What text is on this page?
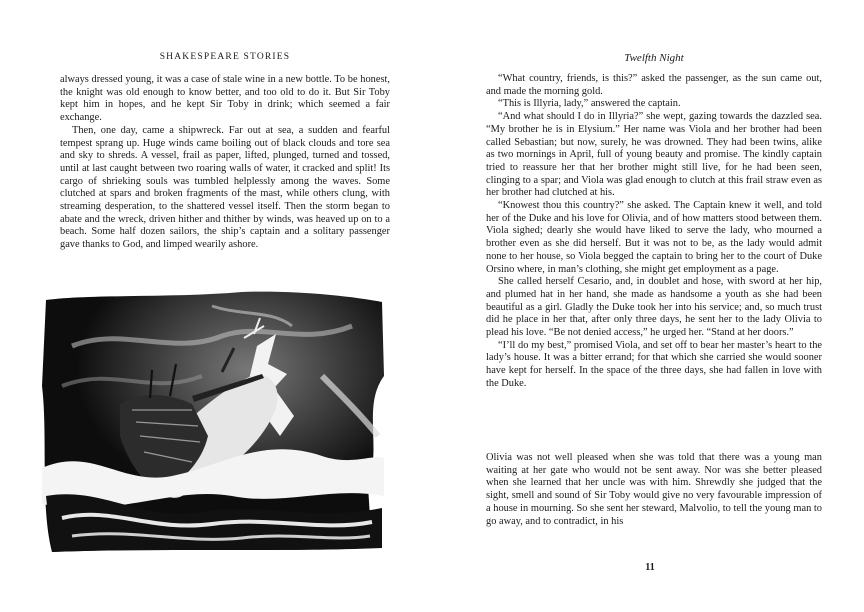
SHAKESPEARE STORIES

always dressed young, it was a case of stale wine in a new bottle. To be honest, the knight was old enough to know better, and too old to do it. But Sir Toby kept him in hopes, and he kept Sir Toby in drink; which seemed a fair exchange.

Then, one day, came a shipwreck. Far out at sea, a sudden and fearful tempest sprang up. Huge winds came boiling out of black clouds and tore sea and sky to shreds. A vessel, frail as paper, lifted, plunged, turned and tossed, until at last caught between two roaring walls of water, it cracked and split! Its cargo of shrieking souls was tumbled helplessly among the waves. Some clutched at spars and broken fragments of the mast, while others clung, with streaming desperation, to the shattered vessel itself. Then the storm began to abate and the wreck, driven hither and thither by winds, was heaved up on to a beach. Some half dozen sailors, the ship’s captain and a solitary passenger gave thanks to God, and limped wearily ashore.

Twelfth Night

“What country, friends, is this?” asked the passenger, as the sun came out, and made the morning gold.

“This is Illyria, lady,” answered the captain.

“And what should I do in Illyria?” she wept, gazing towards the dazzled sea. “My brother he is in Elysium.” Her name was Viola and her brother had been called Sebastian; but now, surely, he was drowned. They had been twins, alike as two mornings in April, full of young beauty and promise. The kindly captain tried to reassure her that her brother might still live, for he had been seen, clinging to a spar; and Viola was glad enough to clutch at this frail straw even as her brother had clutched at his.

“Knowest thou this country?” she asked. The Captain knew it well, and told her of the Duke and his love for Olivia, and of how matters stood between them. Viola sighed; dearly she would have liked to serve the lady, who mourned a brother even as she did herself. But it was not to be, as the lady would admit none to her house, so Viola begged the captain to bring her to the court of Duke Orsino where, in man’s clothing, she might get employment as a page.

She called herself Cesario, and, in doublet and hose, with sword at her hip, and plumed hat in her hand, she made as handsome a youth as she had been beautiful as a girl. Gladly the Duke took her into his service; and, so much trust did he place in her that, after only three days, he sent her to the lady Olivia to plead his love. “Be not denied access,” he urged her. “Stand at her doors.”

“I’ll do my best,” promised Viola, and set off to bear her master’s heart to the lady’s house. It was a bitter errand; for that which she carried she would sooner have kept for herself. In the space of the three days, she had fallen in love with the Duke.

Olivia was not well pleased when she was told that there was a young man waiting at her gate who would not be sent away. Nor was she better pleased when she learned that her uncle was with him. Shrewdly she judged that the sight, smell and sound of Sir Toby would give no very favourable impression of a house in mourning. So she sent her steward, Malvolio, to tell the young man to go away, and to contradict, in his

11
